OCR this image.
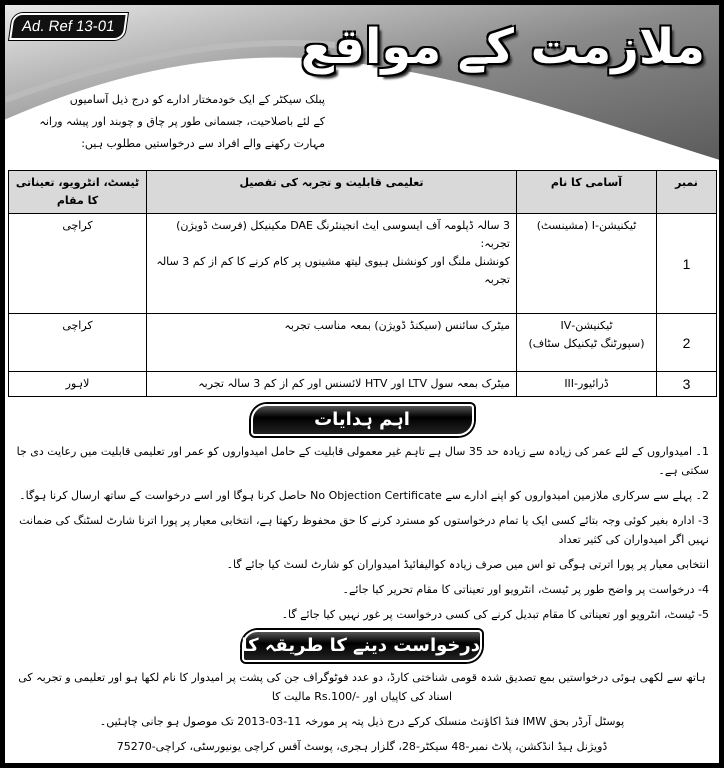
Ad. Ref 13-01	ملازمت کے مواقع
پبلک سیکٹر کے ایک خودمختار ادارے کو درج ذیل آسامیوں
کے لئے باصلاحیت، جسمانی طور پر چاق و چوبند اور پیشہ ورانہ
مہارت رکھنے والے افراد سے درخواستیں مطلوب ہیں:
نمبر	آسامی کا نام	تعلیمی قابلیت و تجربہ کی تفصیل	ٹیسٹ، انٹرویو، تعیناتی کا مقام
1	ٹیکنیشن-I (مشینسٹ)	3 سالہ ڈپلومہ آف ایسوسی ایٹ انجینئرنگ DAE مکینیکل (فرسٹ ڈویژن)
تجربہ:
کونشنل ملنگ اور کونشنل ہیوی لیتھ مشینوں پر کام کرنے کا کم از کم 3 سالہ تجربہ	کراچی
2	ٹیکنیشن-IV
(سپورٹنگ ٹیکنیکل سٹاف)	میٹرک سائنس (سیکنڈ ڈویژن) بمعہ مناسب تجربہ	کراچی
3	ڈرائیور-III	میٹرک بمعہ سول LTV اور HTV لائسنس اور کم از کم 3 سالہ تجربہ	لاہور
اہم ہدایات
1۔ امیدواروں کے لئے عمر کی زیادہ سے زیادہ حد 35 سال ہے تاہم غیر معمولی قابلیت کے حامل امیدواروں کو عمر اور تعلیمی قابلیت میں رعایت دی جا سکتی ہے۔
2۔ پہلے سے سرکاری ملازمین امیدواروں کو اپنے ادارے سے No Objection Certificate حاصل کرنا ہوگا اور اسے درخواست کے ساتھ ارسال کرنا ہوگا۔
3- ادارہ بغیر کوئی وجہ بتائے کسی ایک یا تمام درخواستوں کو مسترد کرنے کا حق محفوظ رکھتا ہے، انتخابی معیار پر پورا اترنا شارٹ لسٹنگ کی ضمانت نہیں اگر امیدواران کی کثیر تعداد
انتخابی معیار پر پورا اترتی ہوگی تو اس میں صرف زیادہ کوالیفائیڈ امیدواران کو شارٹ لسٹ کیا جائے گا۔
4- درخواست پر واضح طور پر ٹیسٹ، انٹرویو اور تعیناتی کا مقام تحریر کیا جائے۔
5- ٹیسٹ، انٹرویو اور تعیناتی کا مقام تبدیل کرنے کی کسی درخواست پر غور نہیں کیا جائے گا۔
درخواست دینے کا طریقہ کار
ہاتھ سے لکھی ہوئی درخواستیں بمع تصدیق شدہ قومی شناختی کارڈ، دو عدد فوٹوگراف جن کی پشت پر امیدوار کا نام لکھا ہو اور تعلیمی و تجربہ کی اسناد کی کاپیاں اور -/Rs.100 مالیت کا
پوسٹل آرڈر بحق IMW فنڈ اکاؤنٹ منسلک کرکے درج ذیل پتہ پر مورخہ 11-03-2013 تک موصول ہو جانی چاہئیں۔
ڈویژنل ہیڈ انڈکشن، پلاٹ نمبر-48 سیکٹر-28، گلزار ہجری، پوسٹ آفس کراچی یونیورسٹی، کراچی-75270
